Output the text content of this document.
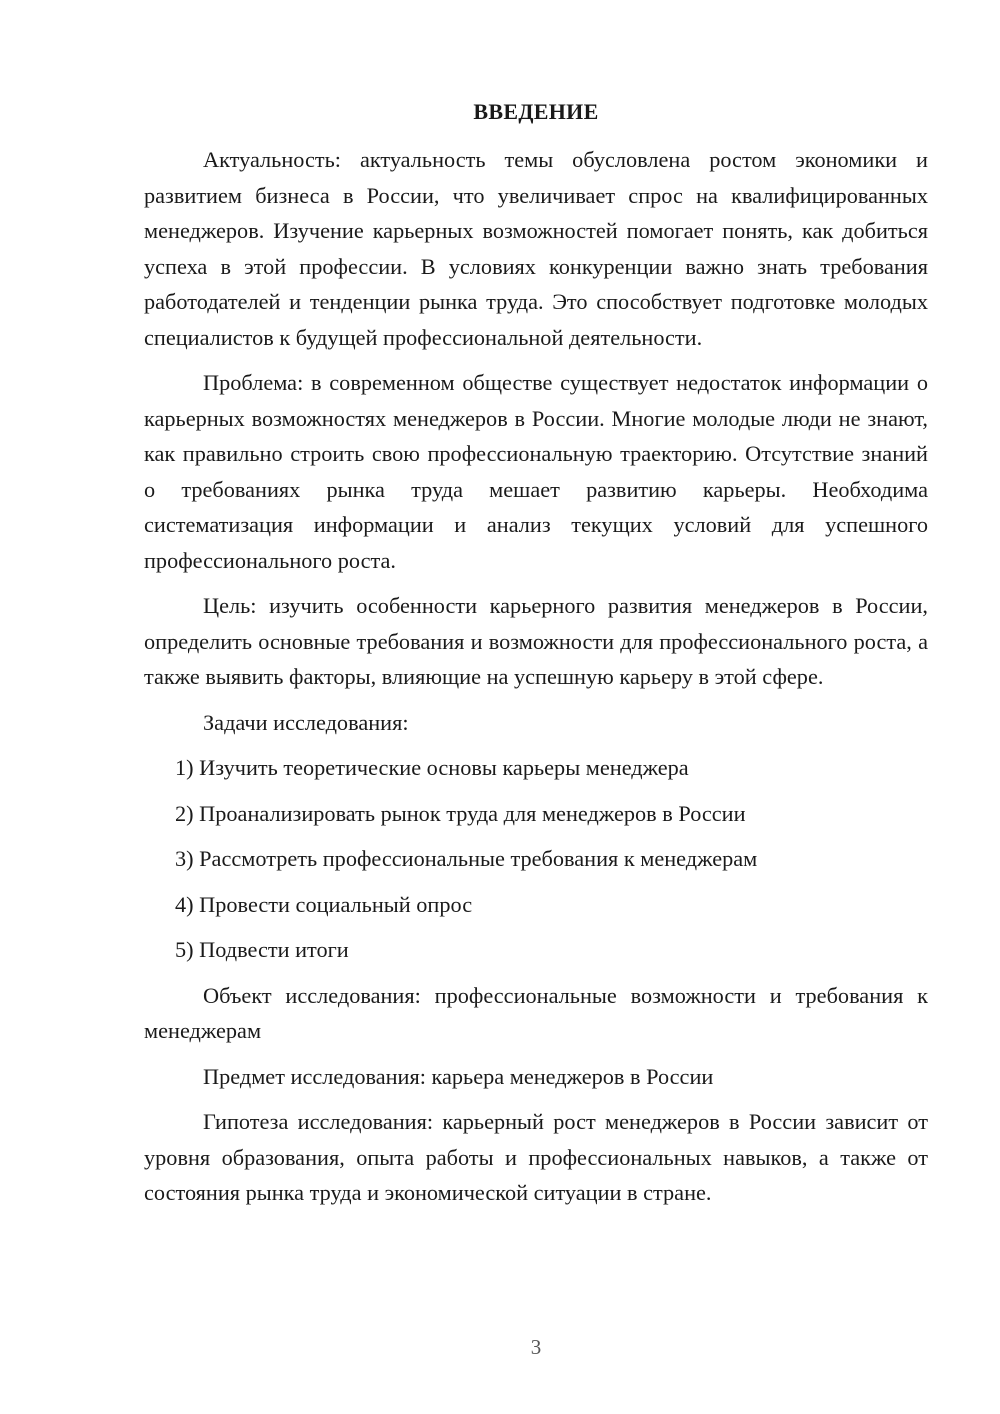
ВВЕДЕНИЕ

Актуальность: актуальность темы обусловлена ростом экономики и развитием бизнеса в России, что увеличивает спрос на квалифицированных менеджеров. Изучение карьерных возможностей помогает понять, как добиться успеха в этой профессии. В условиях конкуренции важно знать требования работодателей и тенденции рынка труда. Это способствует подготовке молодых специалистов к будущей профессиональной деятельности.

Проблема: в современном обществе существует недостаток информации о карьерных возможностях менеджеров в России. Многие молодые люди не знают, как правильно строить свою профессиональную траекторию. Отсутствие знаний о требованиях рынка труда мешает развитию карьеры. Необходима систематизация информации и анализ текущих условий для успешного профессионального роста.

Цель: изучить особенности карьерного развития менеджеров в России, определить основные требования и возможности для профессионального роста, а также выявить факторы, влияющие на успешную карьеру в этой сфере.

Задачи исследования:

1) Изучить теоретические основы карьеры менеджера
2) Проанализировать рынок труда для менеджеров в России
3) Рассмотреть профессиональные требования к менеджерам
4) Провести социальный опрос
5) Подвести итоги

Объект исследования: профессиональные возможности и требования к менеджерам

Предмет исследования: карьера менеджеров в России

Гипотеза исследования: карьерный рост менеджеров в России зависит от уровня образования, опыта работы и профессиональных навыков, а также от состояния рынка труда и экономической ситуации в стране.

3
